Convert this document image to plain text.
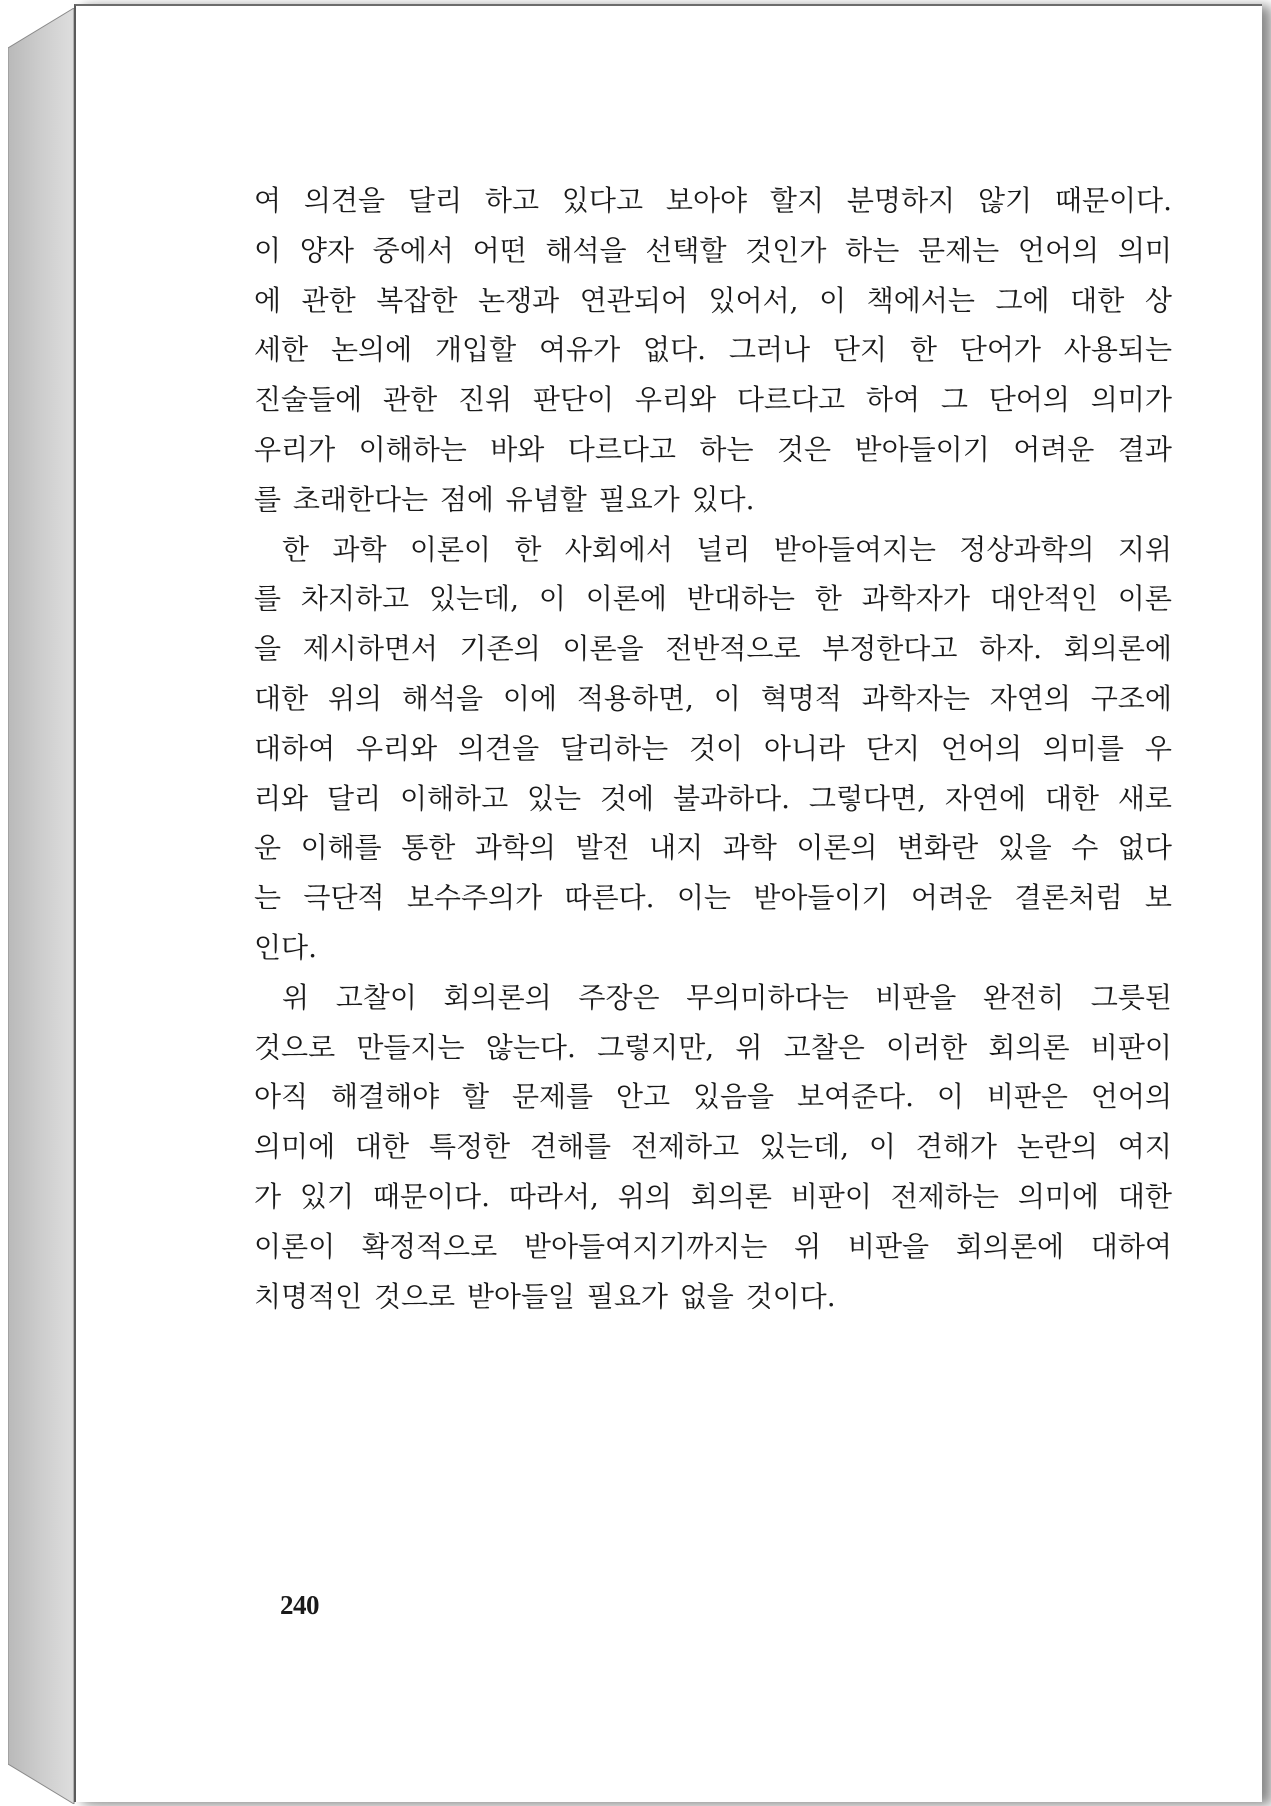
여 의견을 달리 하고 있다고 보아야 할지 분명하지 않기 때문이다.
이 양자 중에서 어떤 해석을 선택할 것인가 하는 문제는 언어의 의미
에 관한 복잡한 논쟁과 연관되어 있어서, 이 책에서는 그에 대한 상
세한 논의에 개입할 여유가 없다. 그러나 단지 한 단어가 사용되는
진술들에 관한 진위 판단이 우리와 다르다고 하여 그 단어의 의미가
우리가 이해하는 바와 다르다고 하는 것은 받아들이기 어려운 결과
를 초래한다는 점에 유념할 필요가 있다.
한 과학 이론이 한 사회에서 널리 받아들여지는 정상과학의 지위
를 차지하고 있는데, 이 이론에 반대하는 한 과학자가 대안적인 이론
을 제시하면서 기존의 이론을 전반적으로 부정한다고 하자. 회의론에
대한 위의 해석을 이에 적용하면, 이 혁명적 과학자는 자연의 구조에
대하여 우리와 의견을 달리하는 것이 아니라 단지 언어의 의미를 우
리와 달리 이해하고 있는 것에 불과하다. 그렇다면, 자연에 대한 새로
운 이해를 통한 과학의 발전 내지 과학 이론의 변화란 있을 수 없다
는 극단적 보수주의가 따른다. 이는 받아들이기 어려운 결론처럼 보
인다.
위 고찰이 회의론의 주장은 무의미하다는 비판을 완전히 그릇된
것으로 만들지는 않는다. 그렇지만, 위 고찰은 이러한 회의론 비판이
아직 해결해야 할 문제를 안고 있음을 보여준다. 이 비판은 언어의
의미에 대한 특정한 견해를 전제하고 있는데, 이 견해가 논란의 여지
가 있기 때문이다. 따라서, 위의 회의론 비판이 전제하는 의미에 대한
이론이 확정적으로 받아들여지기까지는 위 비판을 회의론에 대하여
치명적인 것으로 받아들일 필요가 없을 것이다.
240
